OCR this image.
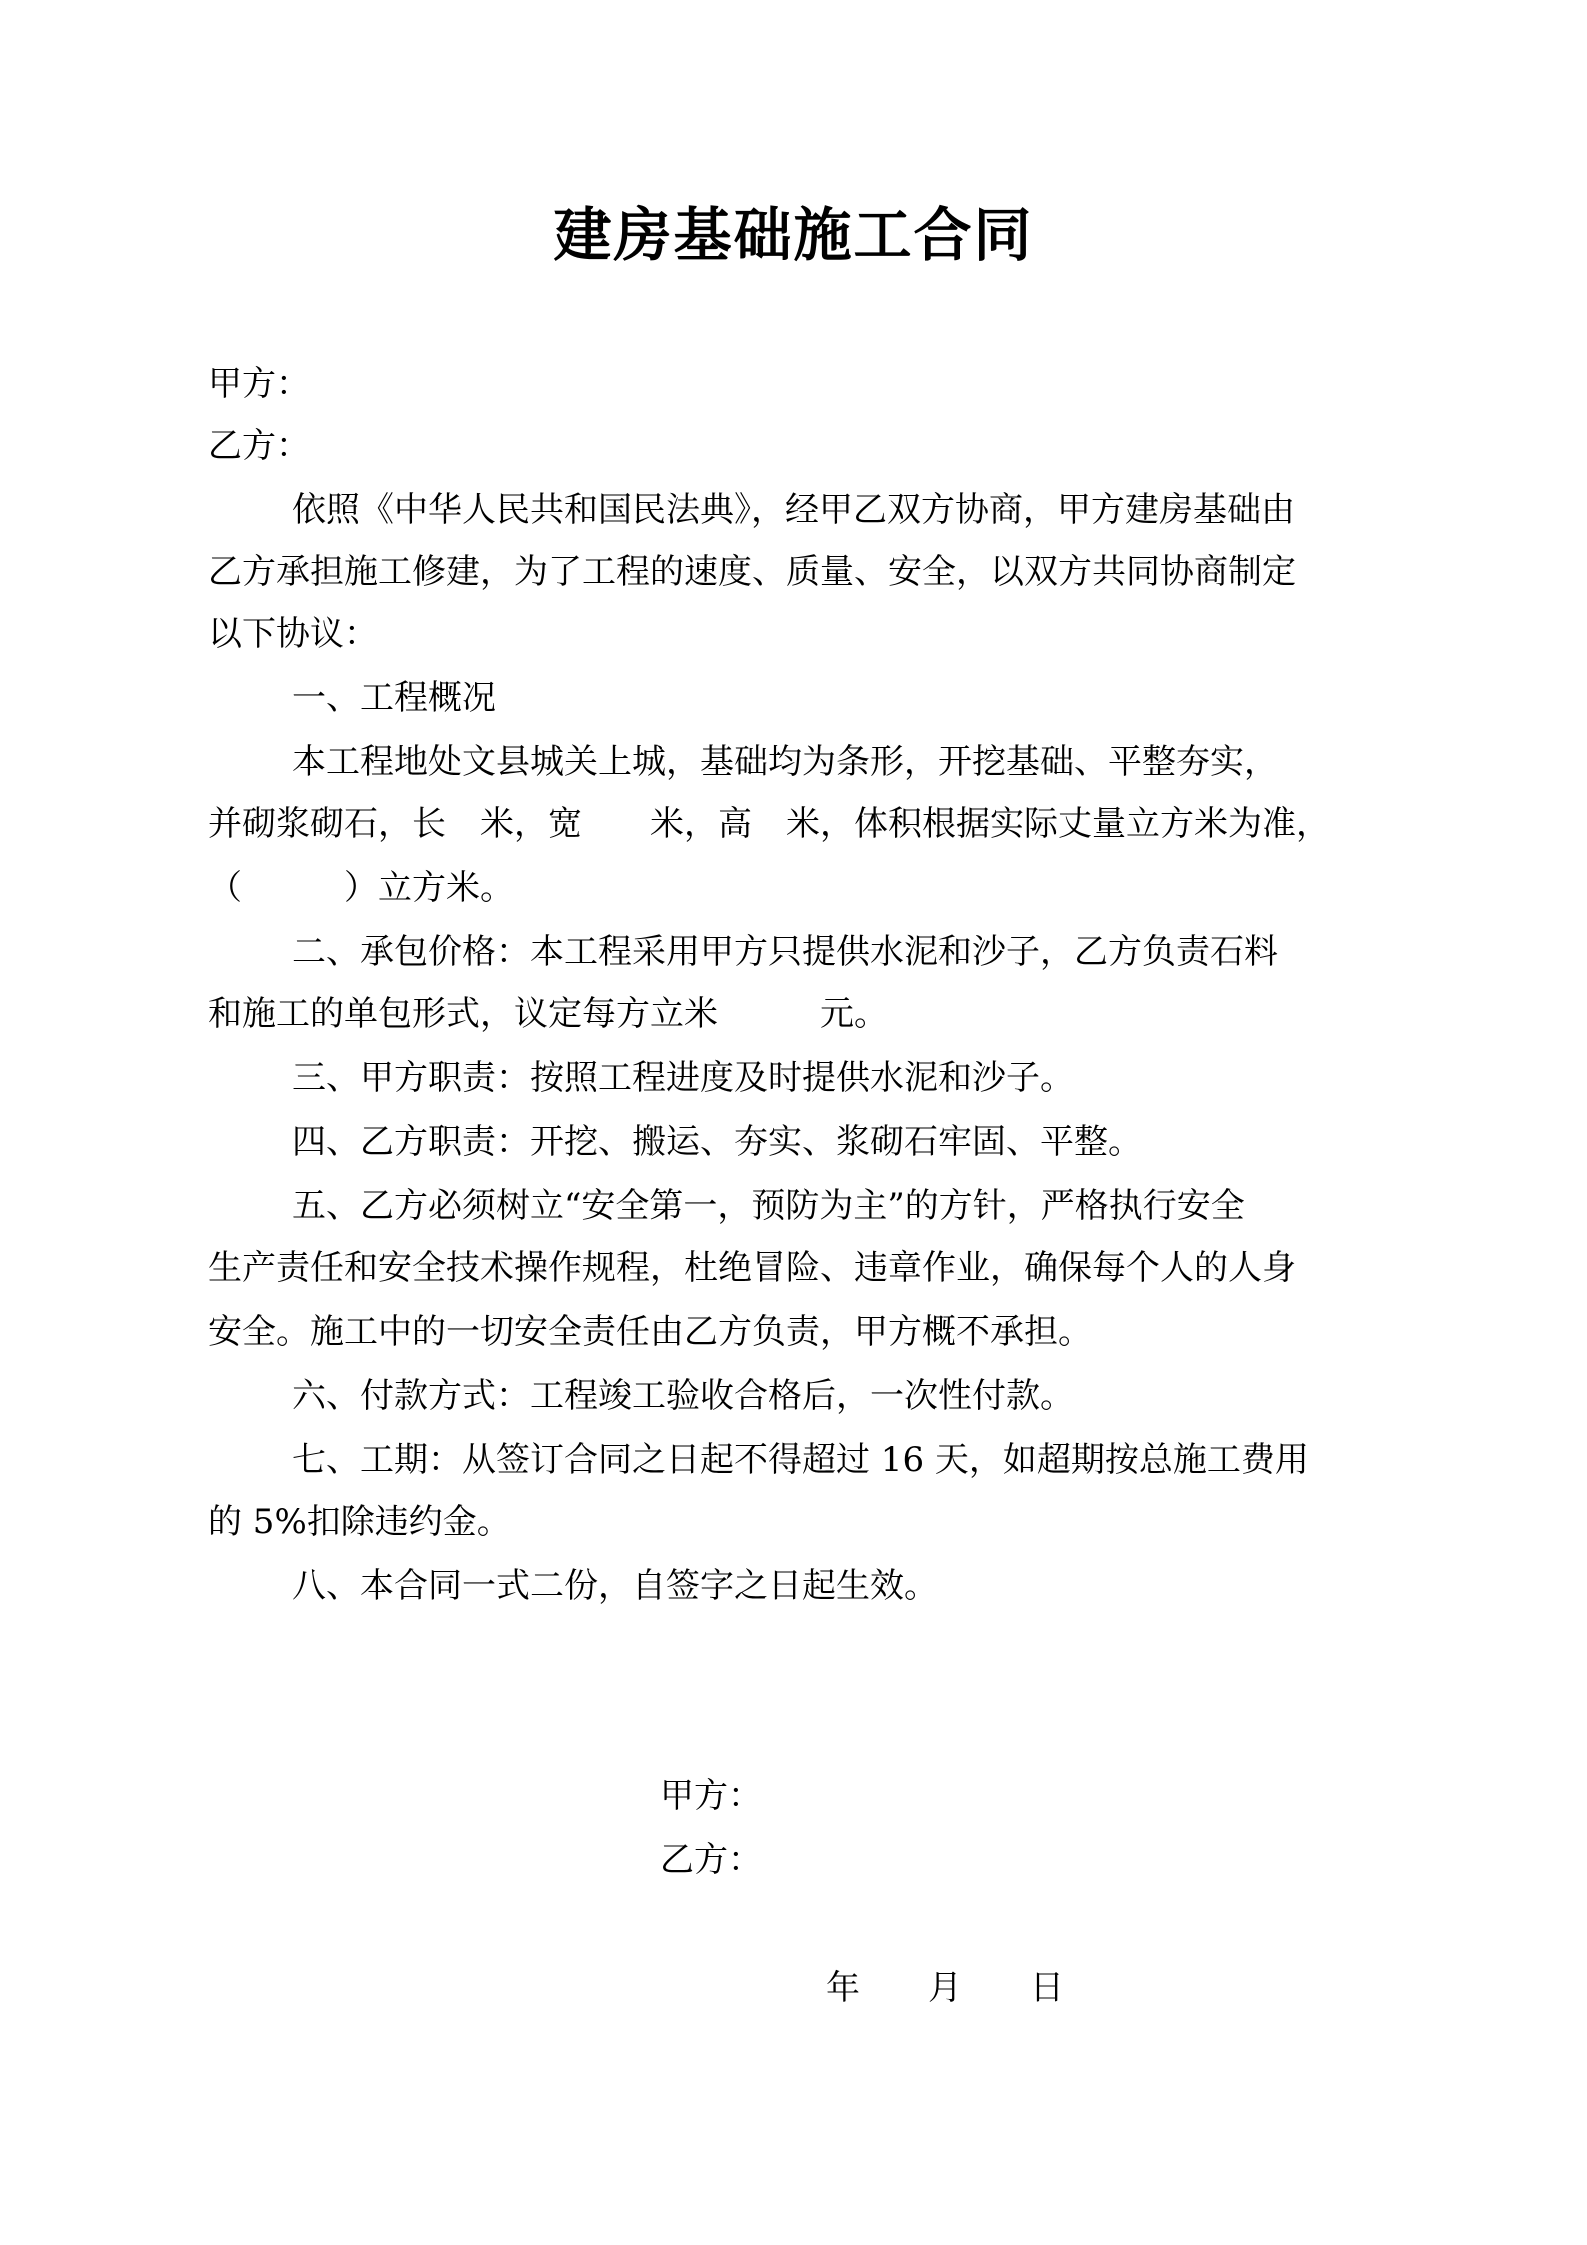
建房基础施工合同

甲方：

乙方：

依照《中华人民共和国民法典》，经甲乙双方协商，甲方建房基础由

乙方承担施工修建，为了工程的速度、质量、安全，以双方共同协商制定

以下协议：

一、工程概况

本工程地处文县城关上城，基础均为条形，开挖基础、平整夯实，

并砌浆砌石，长　米，宽　　米，高　米，体积根据实际丈量立方米为准，

（　　　）立方米。

二、承包价格：本工程采用甲方只提供水泥和沙子，乙方负责石料

和施工的单包形式，议定每方立米　　　元。

三、甲方职责：按照工程进度及时提供水泥和沙子。

四、乙方职责：开挖、搬运、夯实、浆砌石牢固、平整。

五、乙方必须树立“安全第一，预防为主”的方针，严格执行安全

生产责任和安全技术操作规程，杜绝冒险、违章作业，确保每个人的人身

安全。施工中的一切安全责任由乙方负责，甲方概不承担。

六、付款方式：工程竣工验收合格后，一次性付款。

七、工期：从签订合同之日起不得超过 16 天，如超期按总施工费用

的 5%扣除违约金。

八、本合同一式二份，自签字之日起生效。

甲方：

乙方：

年　　月　　日
